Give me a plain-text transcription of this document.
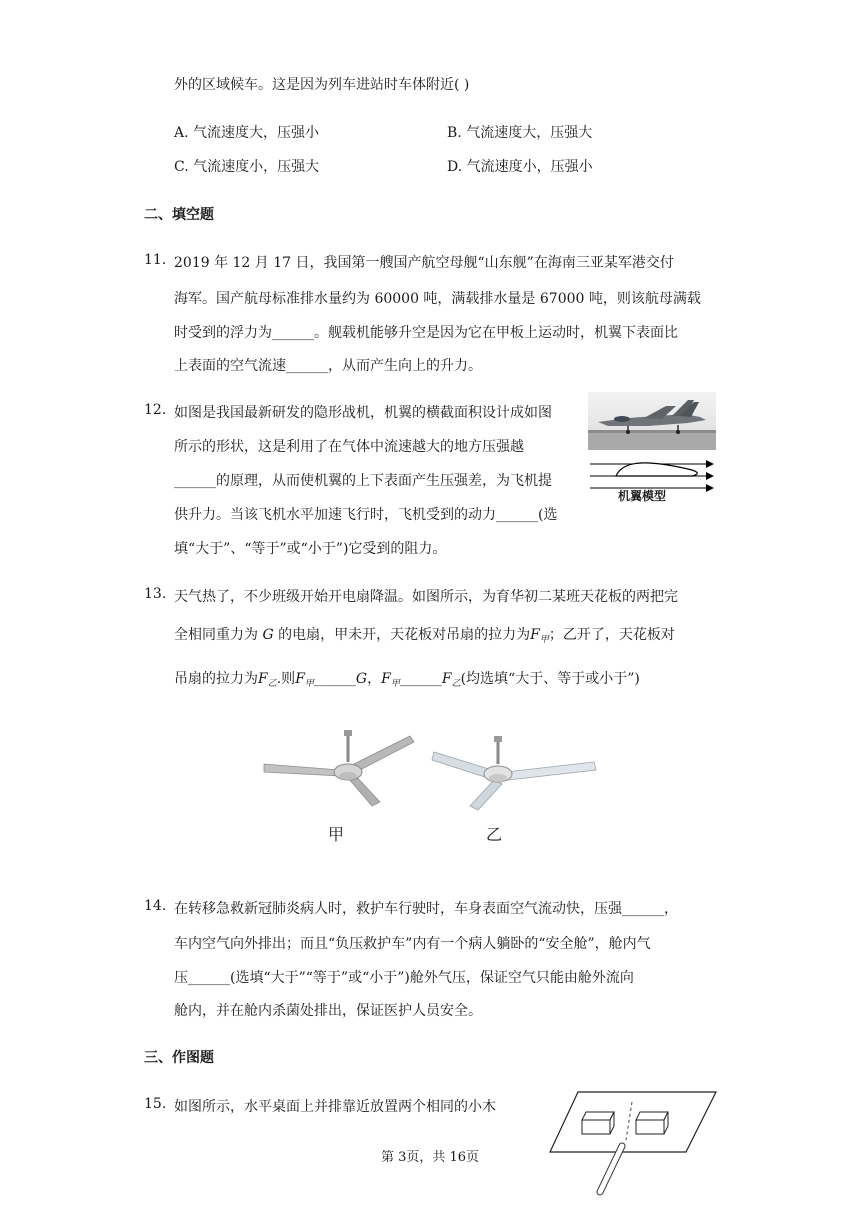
外的区域候车。这是因为列车进站时车体附近( )
A. 气流速度大，压强小	B. 气流速度大，压强大
C. 气流速度小，压强大	D. 气流速度小，压强小
二、填空题
11. 2019 年 12 月 17 日，我国第一艘国产航空母舰“山东舰”在海南三亚某军港交付
海军。国产航母标准排水量约为 60000 吨，满载排水量是 67000 吨，则该航母满载
时受到的浮力为______。舰载机能够升空是因为它在甲板上运动时，机翼下表面比
上表面的空气流速______，从而产生向上的升力。
12. 如图是我国最新研发的隐形战机，机翼的横截面积设计成如图
所示的形状，这是利用了在气体中流速越大的地方压强越
______的原理，从而使机翼的上下表面产生压强差，为飞机提
供升力。当该飞机水平加速飞行时，飞机受到的动力______(选
填“大于”、“等于”或“小于”)它受到的阻力。
机翼模型
13. 天气热了，不少班级开始开电扇降温。如图所示，为育华初二某班天花板的两把完
全相同重力为 G 的电扇，甲未开，天花板对吊扇的拉力为$F_甲$；乙开了，天花板对
吊扇的拉力为$F_乙$.则$F_甲\_\_\_\_\_\_G$，$F_甲\_\_\_\_\_\_F_乙$(均选填“大于、等于或小于”)
甲	乙
14. 在转移急救新冠肺炎病人时，救护车行驶时，车身表面空气流动快，压强______，
车内空气向外排出；而且“负压救护车”内有一个病人躺卧的“安全舱”，舱内气
压______(选填“大于”“等于”或“小于”)舱外气压，保证空气只能由舱外流向
舱内，并在舱内杀菌处排出，保证医护人员安全。
三、作图题
15. 如图所示，水平桌面上并排靠近放置两个相同的小木
第 3页，共 16页
